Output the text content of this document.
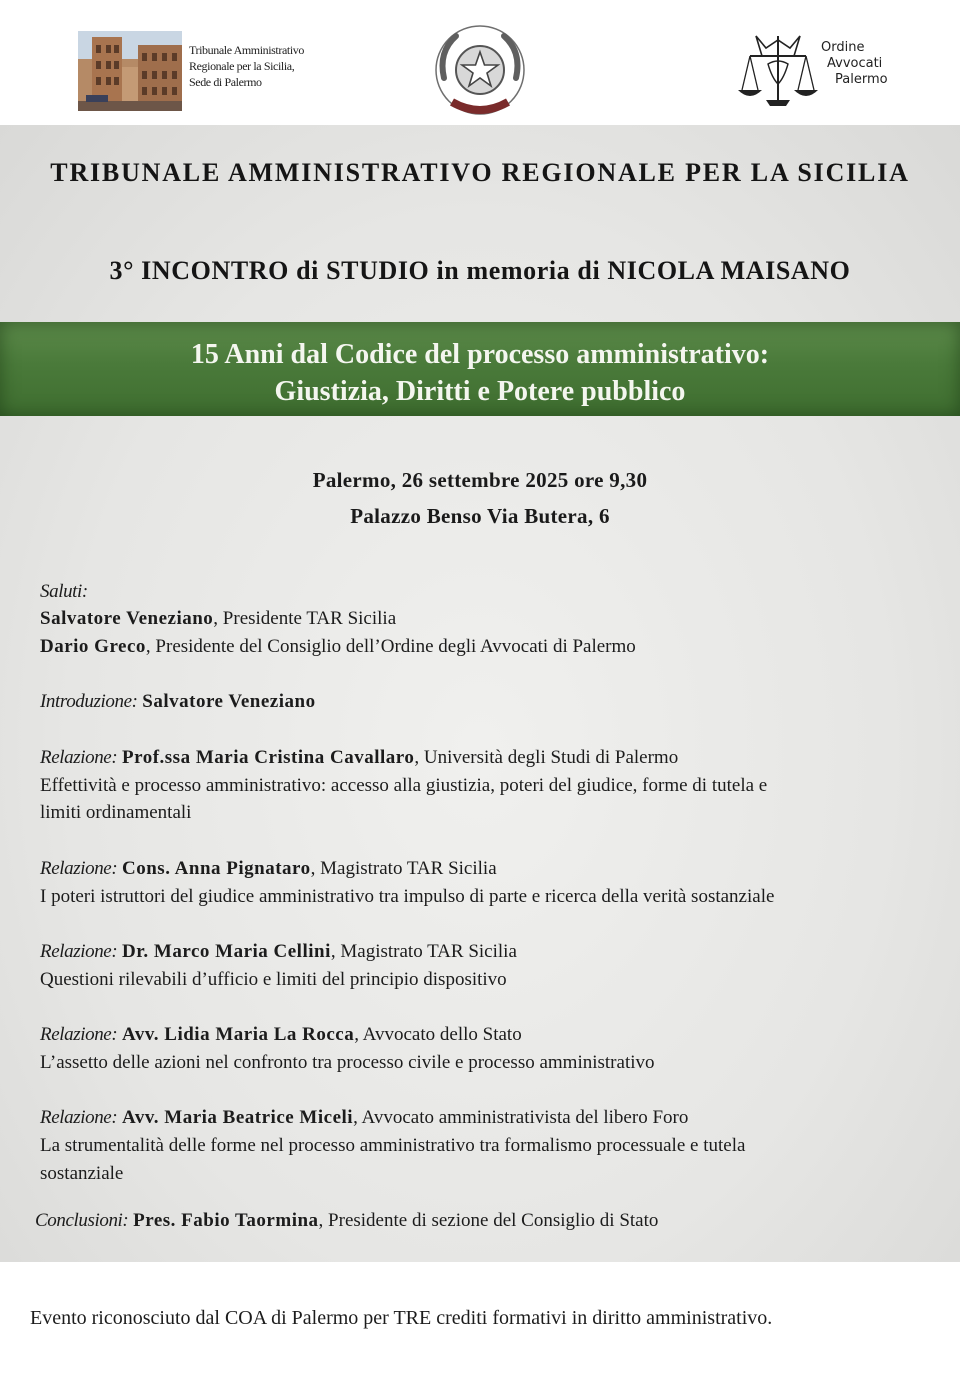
Tribunale Amministrativo
Regionale per la Sicilia,
Sede di Palermo
Ordine
Avvocati
Palermo
TRIBUNALE AMMINISTRATIVO REGIONALE PER LA SICILIA
3° INCONTRO di STUDIO in memoria di NICOLA MAISANO
15 Anni dal Codice del processo amministrativo:
Giustizia, Diritti e Potere pubblico
Palermo, 26 settembre 2025 ore 9,30
Palazzo Benso Via Butera, 6
Saluti:
Salvatore Veneziano, Presidente TAR Sicilia
Dario Greco, Presidente del Consiglio dell’Ordine degli Avvocati di Palermo
Introduzione: Salvatore Veneziano
Relazione: Prof.ssa Maria Cristina Cavallaro, Università degli Studi di Palermo
Effettività e processo amministrativo: accesso alla giustizia, poteri del giudice, forme di tutela e
limiti ordinamentali
Relazione: Cons. Anna Pignataro, Magistrato TAR Sicilia
I poteri istruttori del giudice amministrativo tra impulso di parte e ricerca della verità sostanziale
Relazione: Dr. Marco Maria Cellini, Magistrato TAR Sicilia
Questioni rilevabili d’ufficio e limiti del principio dispositivo
Relazione: Avv. Lidia Maria La Rocca, Avvocato dello Stato
L’assetto delle azioni nel confronto tra processo civile e processo amministrativo
Relazione: Avv. Maria Beatrice Miceli, Avvocato amministrativista del libero Foro
La strumentalità delle forme nel processo amministrativo tra formalismo processuale e tutela
sostanziale
Conclusioni: Pres. Fabio Taormina, Presidente di sezione del Consiglio di Stato
Evento riconosciuto dal COA di Palermo per TRE crediti formativi in diritto amministrativo.
